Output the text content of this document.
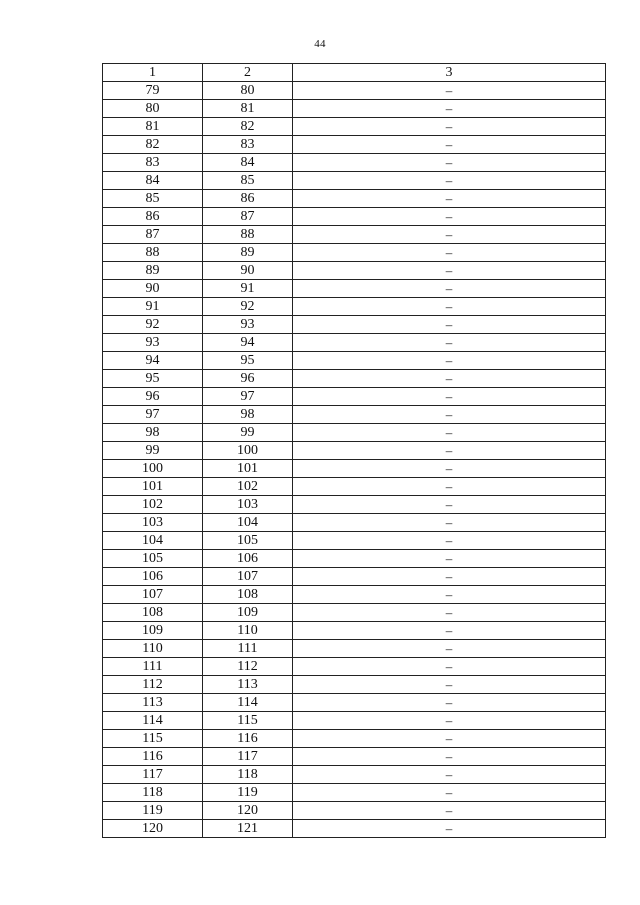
44
1	2	3
79	80	–
80	81	–
81	82	–
82	83	–
83	84	–
84	85	–
85	86	–
86	87	–
87	88	–
88	89	–
89	90	–
90	91	–
91	92	–
92	93	–
93	94	–
94	95	–
95	96	–
96	97	–
97	98	–
98	99	–
99	100	–
100	101	–
101	102	–
102	103	–
103	104	–
104	105	–
105	106	–
106	107	–
107	108	–
108	109	–
109	110	–
110	111	–
111	112	–
112	113	–
113	114	–
114	115	–
115	116	–
116	117	–
117	118	–
118	119	–
119	120	–
120	121	–
